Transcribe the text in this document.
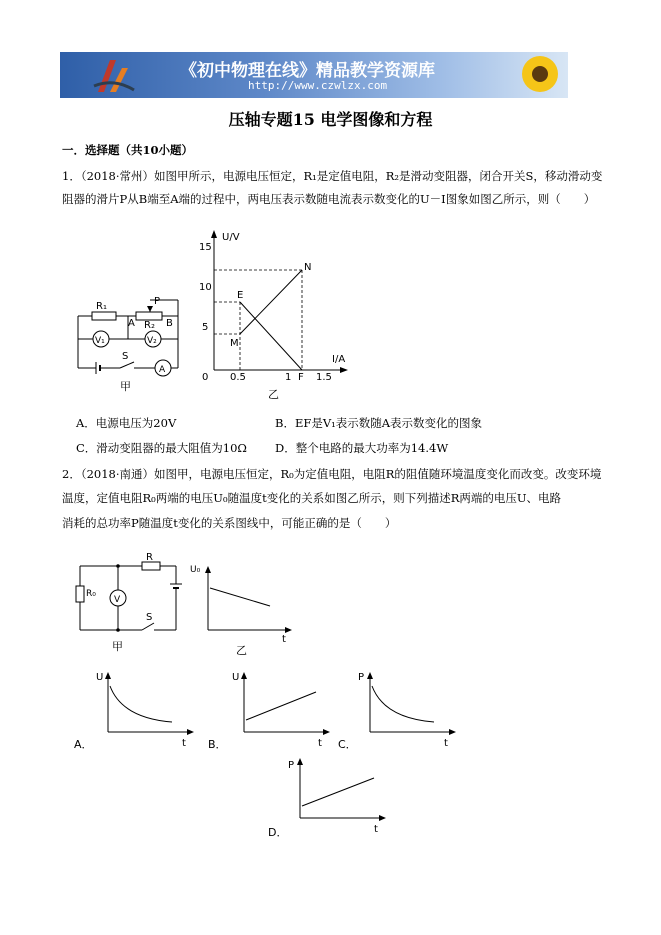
《初中物理在线》精品教学资源库
http://www.czwlzx.com
压轴专题15 电学图像和方程
一．选择题（共10小题）
1．（2018·常州）如图甲所示，电源电压恒定，R₁是定值电阻，R₂是滑动变阻器，闭合开关S，移动滑动变
阻器的滑片P从B端至A端的过程中，两电压表示数随电流表示数变化的U－I图象如图乙所示，则（　　）
R₁	P
A R₂ B
V₁	V₂
S
A
甲
U/V
I/A
15
10
5
0 0.5	1 1.5
N
E
M
F
乙
A．电源电压为20V	B．EF是V₁表示数随A表示数变化的图象
C．滑动变阻器的最大阻值为10Ω D．整个电路的最大功率为14.4W
2．（2018·南通）如图甲，电源电压恒定，R₀为定值电阻，电阻R的阻值随环境温度变化而改变。改变环境
温度，定值电阻R₀两端的电压U₀随温度t变化的关系如图乙所示，则下列描述R两端的电压U、电路
消耗的总功率P随温度t变化的关系图线中，可能正确的是（　　）
R
R₀
V
S
甲
U₀
t
乙
U
t
A．
U
t
B．
P
t
C．
P
t
D．
